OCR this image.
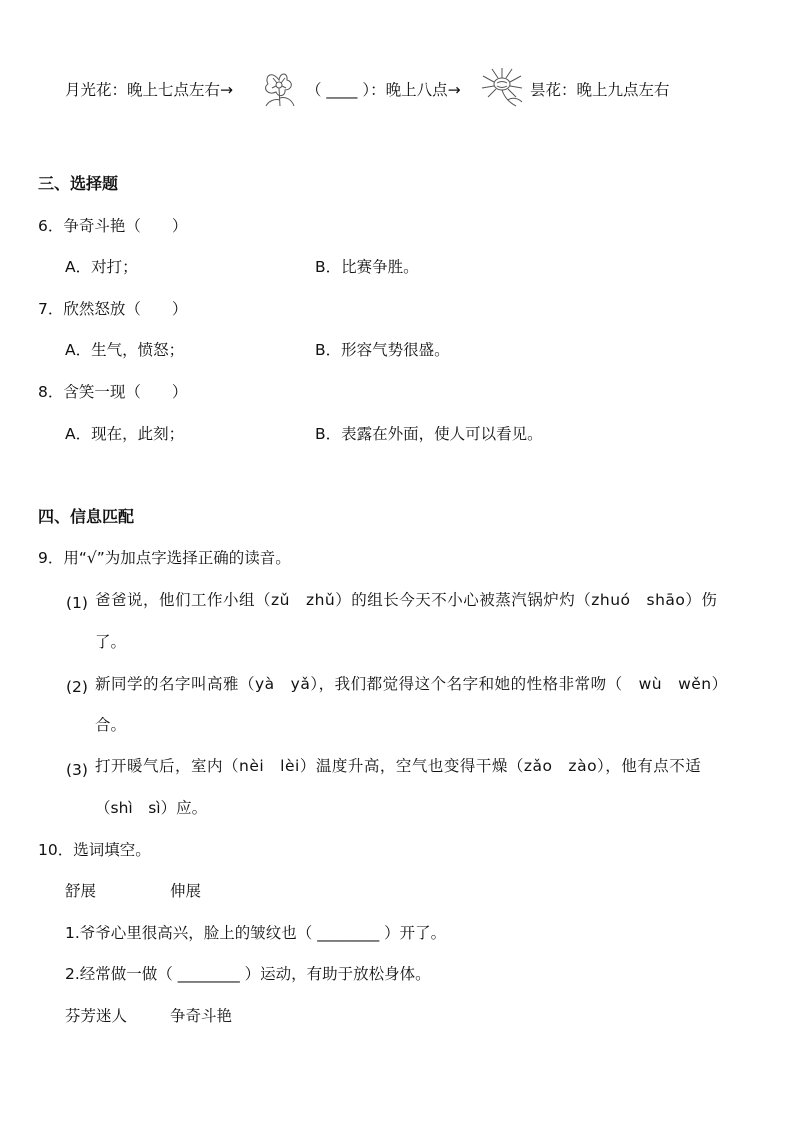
月光花：晚上七点左右→	（ ____ ）：晚上八点→	昙花：晚上九点左右
三、选择题
6．争奇斗艳（　　）
A．对打；	B．比赛争胜。
7．欣然怒放（　　）
A．生气，愤怒；	B．形容气势很盛。
8．含笑一现（　　）
A．现在，此刻；	B．表露在外面，使人可以看见。
四、信息匹配
9．用“√”为加点字选择正确的读音。
(1) 爸爸说，他们工作小组（zǔ　zhǔ）的组长今天不小心被蒸汽锅炉灼（zhuó　shāo）伤
了。
(2) 新同学的名字叫高雅（yà　yǎ），我们都觉得这个名字和她的性格非常吻（　wù　wěn）
合。
(3) 打开暖气后，室内（nèi　lèi）温度升高，空气也变得干燥（zǎo　zào），他有点不适
（shì　sì）应。
10．选词填空。
舒展	伸展
1.爷爷心里很高兴，脸上的皱纹也（ ________ ）开了。
2.经常做一做（ ________ ）运动，有助于放松身体。
芬芳迷人	争奇斗艳
